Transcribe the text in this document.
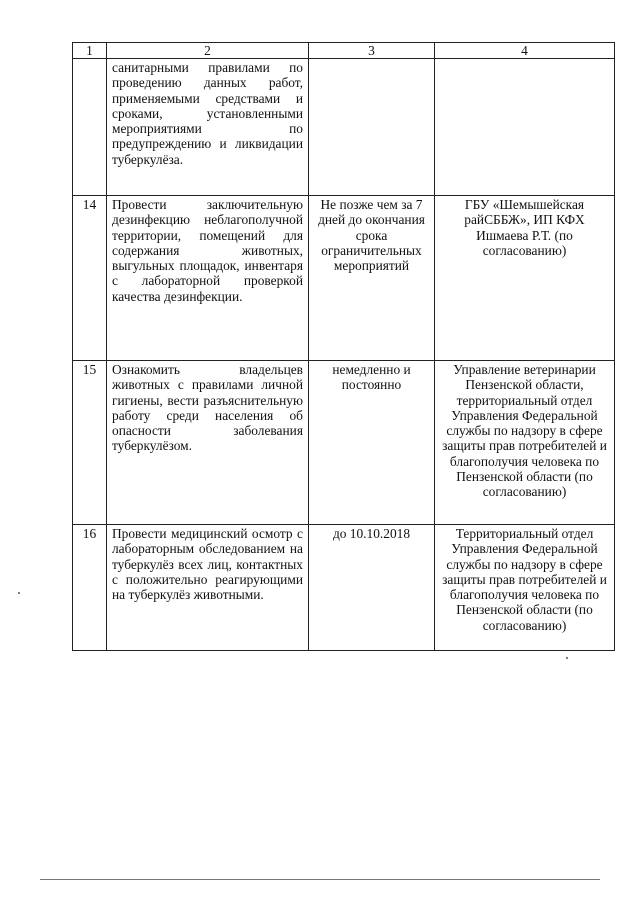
1	2	3	4
	санитарными правилами по проведению данных работ, применяемыми средствами и сроками, установленными мероприятиями по предупреждению и ликвидации туберкулёза.		
14	Провести заключительную дезинфекцию неблагополучной территории, помещений для содержания животных, выгульных площадок, инвентаря с лабораторной проверкой качества дезинфекции.	Не позже чем за 7 дней до окончания срока ограничительных мероприятий	ГБУ «Шемышейская райСББЖ», ИП КФХ Ишмаева Р.Т. (по согласованию)
15	Ознакомить владельцев животных с правилами личной гигиены, вести разъяснительную работу среди населения об опасности заболевания туберкулёзом.	немедленно и постоянно	Управление ветеринарии Пензенской области, территориальный отдел Управления Федеральной службы по надзору в сфере защиты прав потребителей и благополучия человека по Пензенской области (по согласованию)
16	Провести медицинский осмотр с лабораторным обследованием на туберкулёз всех лиц, контактных с положительно реагирующими на туберкулёз животными.	до 10.10.2018	Территориальный отдел Управления Федеральной службы по надзору в сфере защиты прав потребителей и благополучия человека по Пензенской области (по согласованию)
